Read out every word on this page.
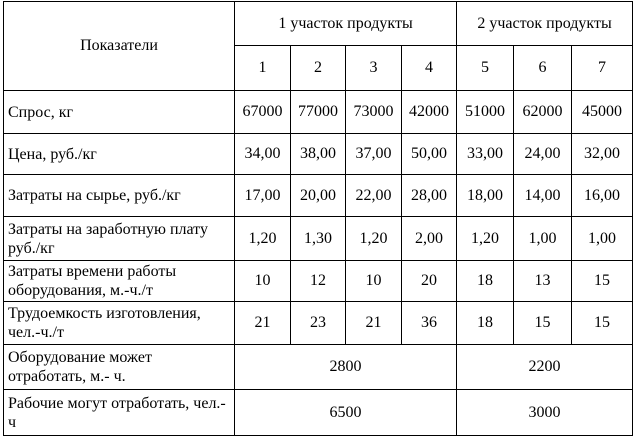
Показатели	1 участок продукты				2 участок продукты		
	1	2	3	4	5	6	7
Спрос, кг	67000	77000	73000	42000	51000	62000	45000
Цена, руб./кг	34,00	38,00	37,00	50,00	33,00	24,00	32,00
Затраты на сырье, руб./кг	17,00	20,00	22,00	28,00	18,00	14,00	16,00
Затраты на заработную плату руб./кг	1,20	1,30	1,20	2,00	1,20	1,00	1,00
Затраты времени работы оборудования, м.-ч./т	10	12	10	20	18	13	15
Трудоемкость изготовления, чел.-ч./т	21	23	21	36	18	15	15
Оборудование может отработать, м.- ч.	2800				2200		
Рабочие могут отработать, чел.-ч	6500				3000		
